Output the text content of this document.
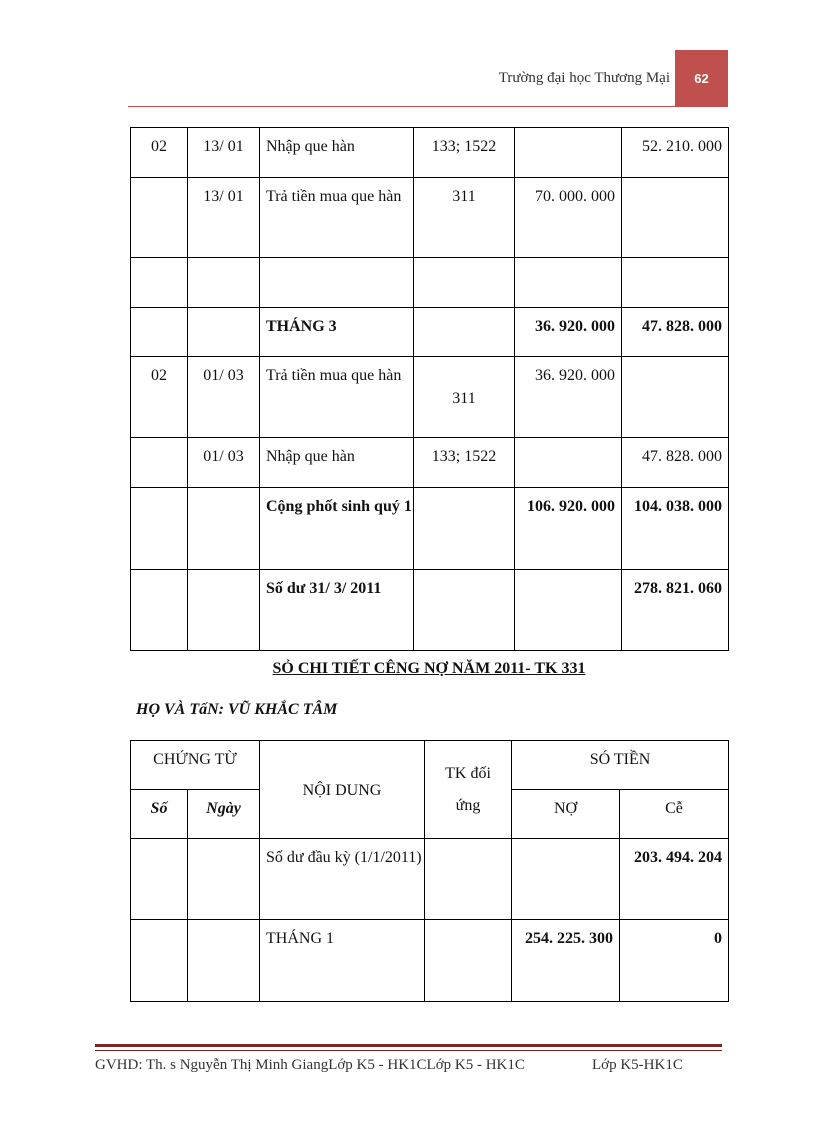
Trường đại học Thương Mại	62
02	13/ 01	Nhập que hàn	133; 1522		52. 210. 000
	13/ 01	Trả tiền mua que hàn	311	70. 000. 000	

		THÁNG 3		36. 920. 000	47. 828. 000
02	01/ 03	Trả tiền mua que hàn	311	36. 920. 000	
	01/ 03	Nhập que hàn	133; 1522		47. 828. 000
		Cộng phốt sinh quý 1		106. 920. 000	104. 038. 000
		Số dư 31/ 3/ 2011			278. 821. 060
SỎ CHI TIẾT CÊNG NỢ NĂM 2011- TK 331
HỌ VÀ TấN: VŨ KHẮC TÂM
CHỨNG TỪ		NỘI DUNG	TK đối ứng	SÓ TIỀN	
Số	Ngày			NỢ	Cễ
		Số dư đầu kỳ (1/1/2011)			203. 494. 204
		THÁNG 1		254. 225. 300	0
GVHD: Th. s Nguyễn Thị Minh GiangLớp K5 - HK1CLớp K5 - HK1C	Lớp K5-HK1C
